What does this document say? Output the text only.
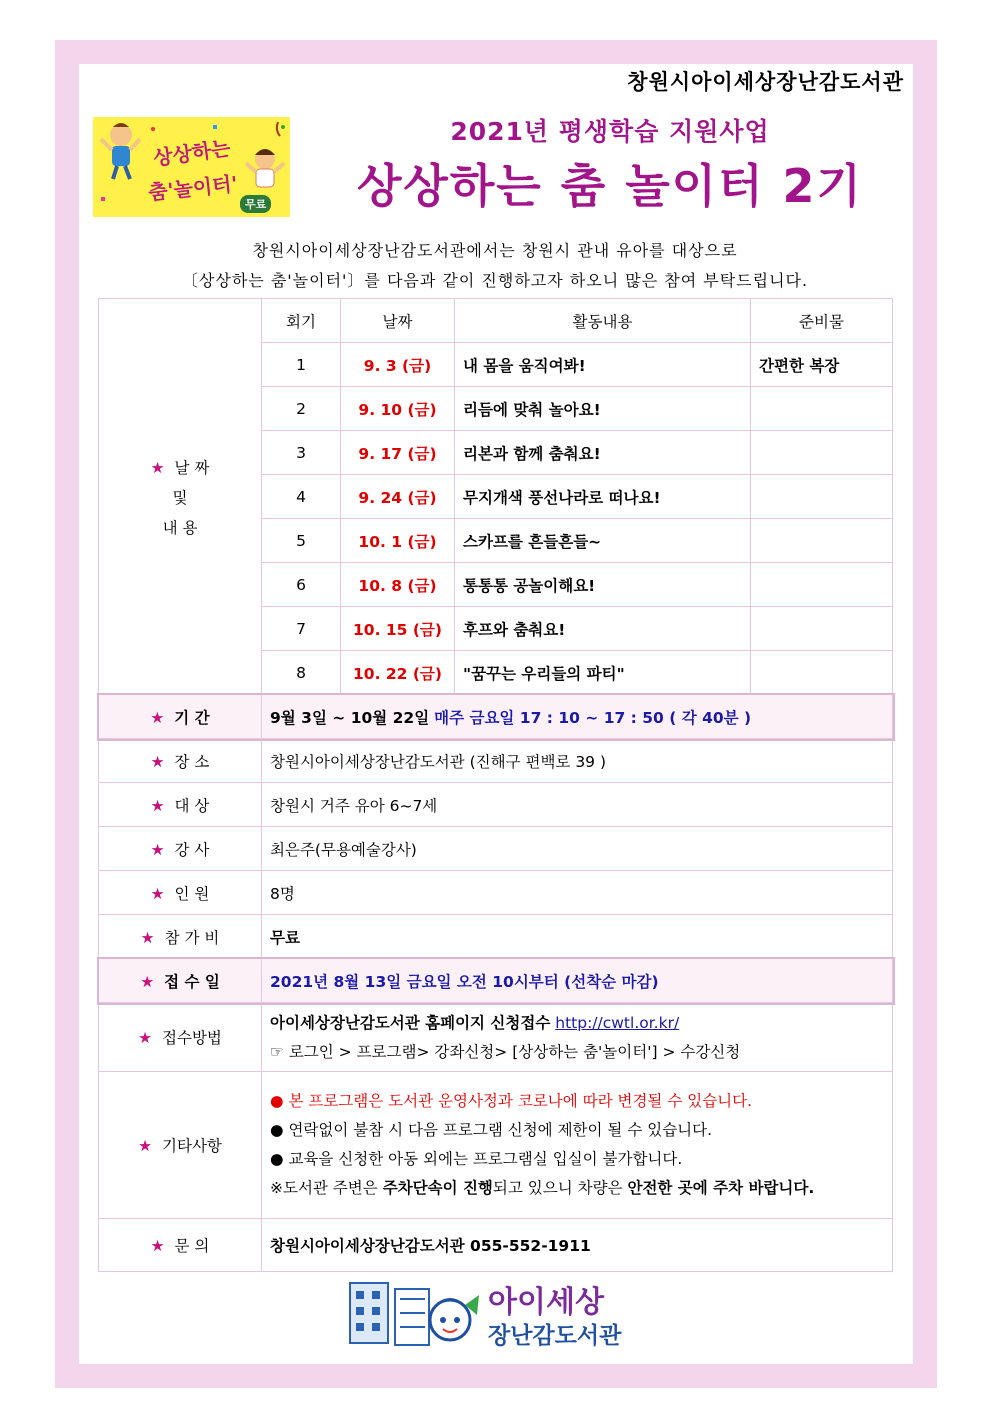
창원시아이세상장난감도서관
상상하는
춤'놀이터' 무료
2021년 평생학습 지원사업
상상하는 춤 놀이터 2기
창원시아이세상장난감도서관에서는 창원시 관내 유아를 대상으로
〔상상하는 춤'놀이터'〕를 다음과 같이 진행하고자 하오니 많은 참여 부탁드립니다.
★ 날 짜
및
내 용	회기	날짜	활동내용	준비물
	1	9. 3 (금)	내 몸을 움직여봐!	간편한 복장
	2	9. 10 (금)	리듬에 맞춰 놀아요!	
	3	9. 17 (금)	리본과 함께 춤춰요!	
	4	9. 24 (금)	무지개색 풍선나라로 떠나요!	
	5	10. 1 (금)	스카프를 흔들흔들~	
	6	10. 8 (금)	통통통 공놀이해요!	
	7	10. 15 (금)	후프와 춤춰요!	
	8	10. 22 (금)	"꿈꾸는 우리들의 파티"	
★ 기 간	9월 3일 ~ 10월 22일 매주 금요일 17 : 10 ~ 17 : 50 ( 각 40분 )			
★ 장 소	창원시아이세상장난감도서관 (진해구 편백로 39 )			
★ 대 상	창원시 거주 유아 6~7세			
★ 강 사	최은주(무용예술강사)			
★ 인 원	8명			
★ 참 가 비	무료			
★ 접 수 일	2021년 8월 13일 금요일 오전 10시부터 (선착순 마감)			
★ 접수방법	아이세상장난감도서관 홈페이지 신청접수 http://cwtl.or.kr/
☞ 로그인 > 프로그램> 강좌신청> [상상하는 춤'놀이터'] > 수강신청			

★ 기타사항	● 본 프로그램은 도서관 운영사정과 코로나에 따라 변경될 수 있습니다.
● 연락없이 불참 시 다음 프로그램 신청에 제한이 될 수 있습니다.
● 교육을 신청한 아동 외에는 프로그램실 입실이 불가합니다.
※도서관 주변은 주차단속이 진행되고 있으니 차량은 안전한 곳에 주차 바랍니다.			

★ 문 의	창원시아이세상장난감도서관 055-552-1911			
아이세상
장난감도서관
